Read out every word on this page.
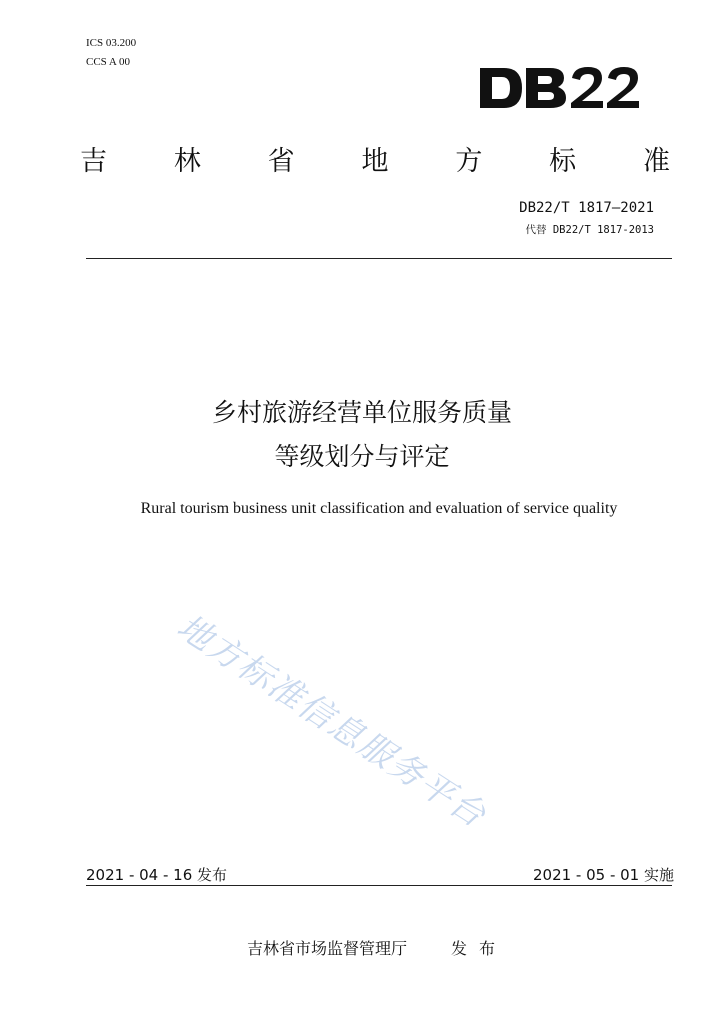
ICS 03.200
CCS A 00
吉 林 省 地 方 标 准
DB22/T 1817—2021
代替 DB22/T 1817-2013
乡村旅游经营单位服务质量
等级划分与评定
Rural tourism business unit classification and evaluation of service quality
地方标准信息服务平台
2021 - 04 - 16 发布	2021 - 05 - 01 实施
吉林省市场监督管理厅	发布
